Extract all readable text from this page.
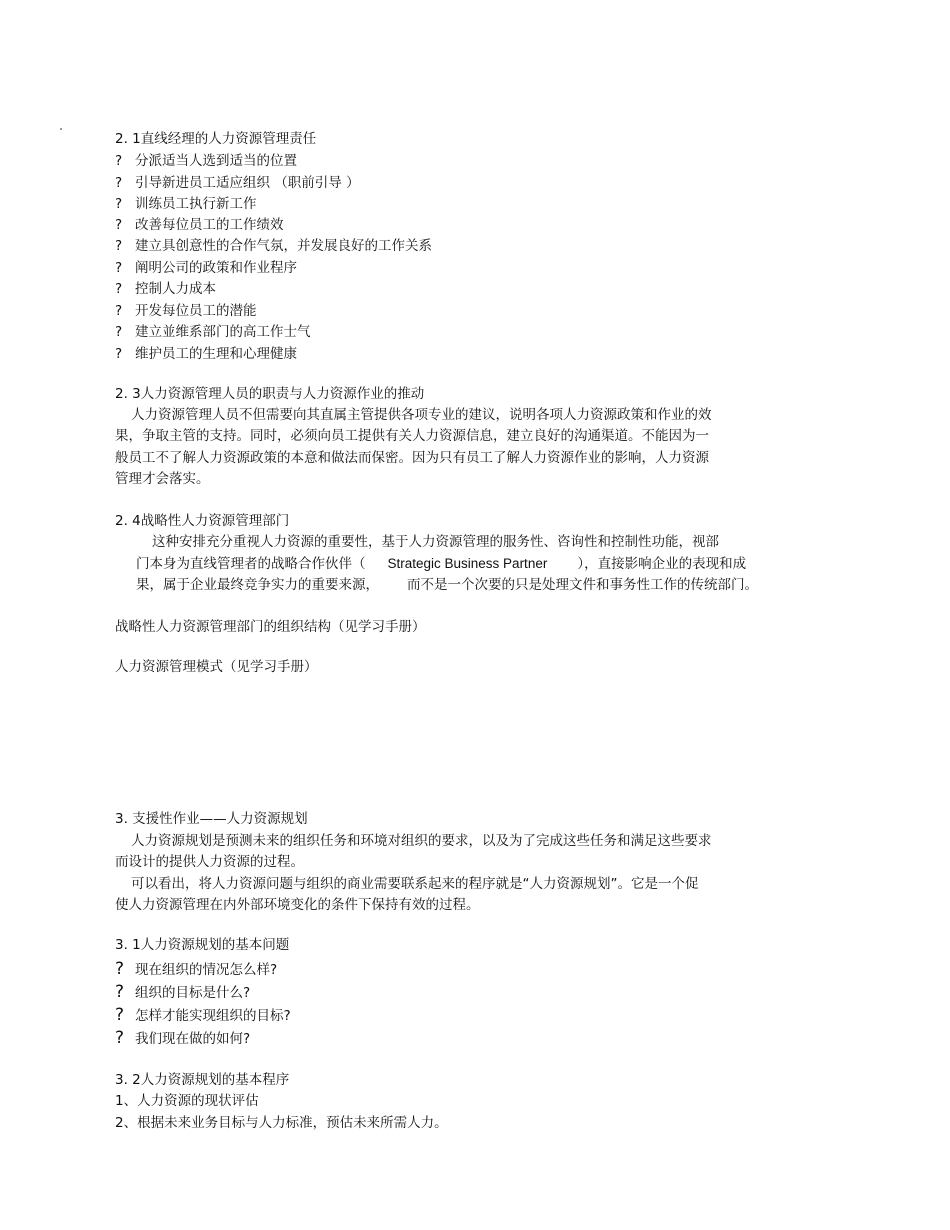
2. 1直线经理的人力资源管理责任
? 分派适当人选到适当的位置
? 引导新进员工适应组织 （职前引导 ）
? 训练员工执行新工作
? 改善每位员工的工作绩效
? 建立具创意性的合作气氛，并发展良好的工作关系
? 阐明公司的政策和作业程序
? 控制人力成本
? 开发每位员工的潜能
? 建立並维系部门的高工作士气
? 维护员工的生理和心理健康
2. 3人力资源管理人员的职责与人力资源作业的推动
人力资源管理人员不但需要向其直属主管提供各项专业的建议，说明各项人力资源政策和作业的效
果，争取主管的支持。同时，必须向员工提供有关人力资源信息，建立良好的沟通渠道。不能因为一
般员工不了解人力资源政策的本意和做法而保密。因为只有员工了解人力资源作业的影响，人力资源
管理才会落实。
2. 4战略性人力资源管理部门
这种安排充分重视人力资源的重要性，基于人力资源管理的服务性、咨询性和控制性功能，视部
门本身为直线管理者的战略合作伙伴（ Strategic Business Partner ），直接影响企业的表现和成
果，属于企业最终竞争实力的重要来源， 而不是一个次要的只是处理文件和事务性工作的传统部门。
战略性人力资源管理部门的组织结构（见学习手册）
人力资源管理模式（见学习手册）
3. 支援性作业——人力资源规划
人力资源规划是预测未来的组织任务和环境对组织的要求，以及为了完成这些任务和满足这些要求
而设计的提供人力资源的过程。
可以看出，将人力资源问题与组织的商业需要联系起来的程序就是“人力资源规划”。它是一个促
使人力资源管理在内外部环境变化的条件下保持有效的过程。
3. 1人力资源规划的基本问题
? 现在组织的情况怎么样?
? 组织的目标是什么?
? 怎样才能实现组织的目标?
? 我们现在做的如何?
3. 2人力资源规划的基本程序
1、人力资源的现状评估
2、根据未来业务目标与人力标准，预估未来所需人力。
